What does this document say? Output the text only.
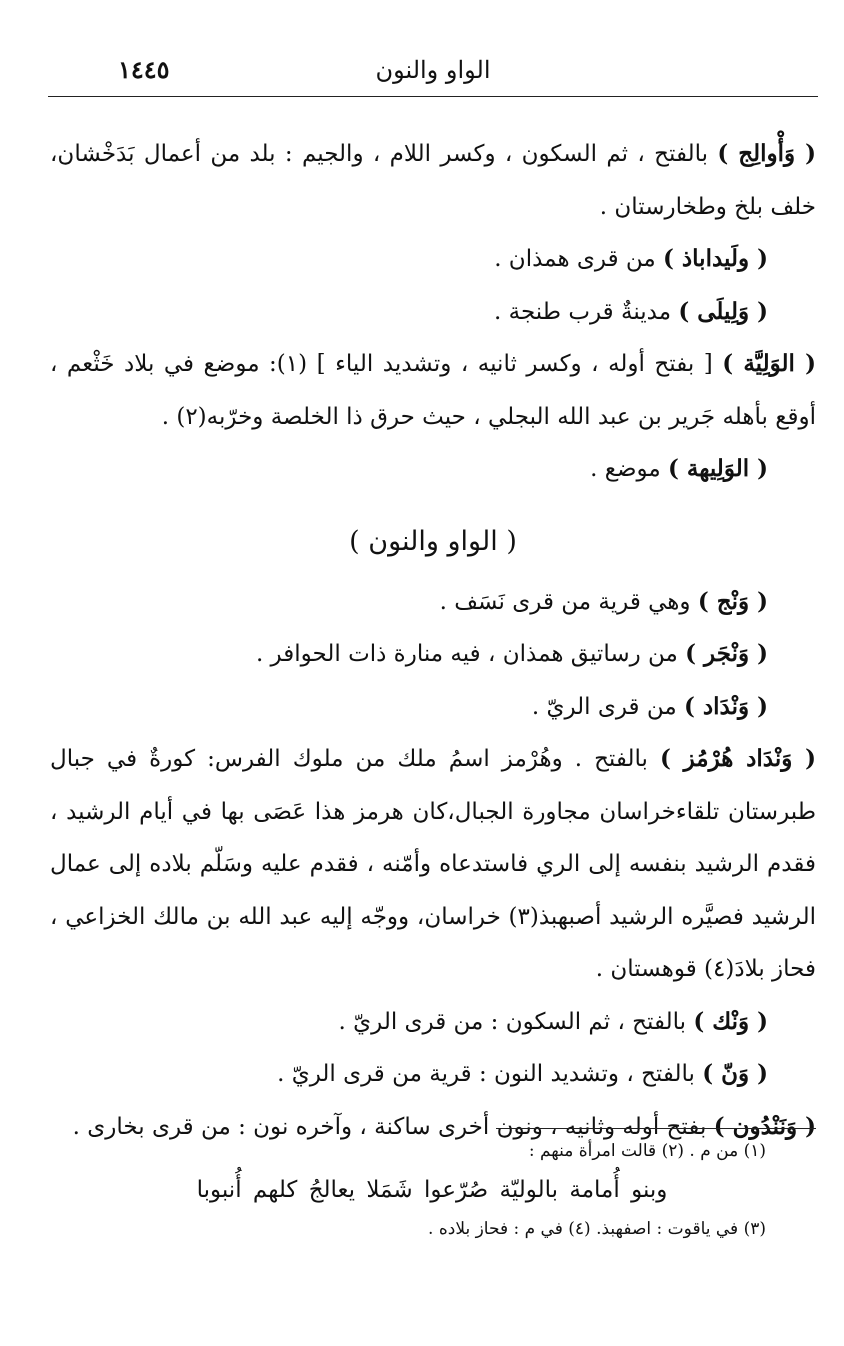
الواو والنون
١٤٤٥

( وَأْوالِج ) بالفتح ، ثم السكون ، وكسر اللام ، والجيم : بلد من أعمال بَدَخْشان، خلف بلخ وطخارستان .

( ولَيداباذ ) من قرى همذان .

( وَلِيلَى ) مدينةٌ قرب طنجة .

( الوَلِيَّة ) [ بفتح أوله ، وكسر ثانيه ، وتشديد الياء ] (١): موضع في بلاد خَثْعم ، أوقع بأهله جَرير بن عبد الله البجلي ، حيث حرق ذا الخلصة وخرّبه(٢) .

( الوَلِيهة ) موضع .

( الواو والنون )

( وَنْج ) وهي قرية من قرى نَسَف .

( وَنْجَر ) من رساتيق همذان ، فيه منارة ذات الحوافر .

( وَنْدَاد ) من قرى الريّ .

( وَنْدَاد هُرْمُز ) بالفتح . وهُرْمز اسمُ ملك من ملوك الفرس: كورةٌ في جبال طبرستان تلقاءخراسان مجاورة الجبال،كان هرمز هذا عَصَى بها في أيام الرشيد ، فقدم الرشيد بنفسه إلى الري فاستدعاه وأمّنه ، فقدم عليه وسَلّم بلاده إلى عمال الرشيد فصيَّره الرشيد أصبهبذ(٣) خراسان، ووجّه إليه عبد الله بن مالك الخزاعي ، فحاز بلادَ(٤) قوهستان .

( وَنْك ) بالفتح ، ثم السكون : من قرى الريّ .

( وَنّ ) بالفتح ، وتشديد النون : قرية من قرى الريّ .

( وَنَنْدُون ) بفتح أوله وثانيه ، ونون أخرى ساكنة ، وآخره نون : من قرى بخارى .

(١) من م . (٢) قالت امرأة منهم :

وبنو أُمامة بالوليّة صُرّعوا شَمَلا يعالجُ كلهم أُنبوبا

(٣) في ياقوت : اصفهبذ. (٤) في م : فحاز بلاده .
